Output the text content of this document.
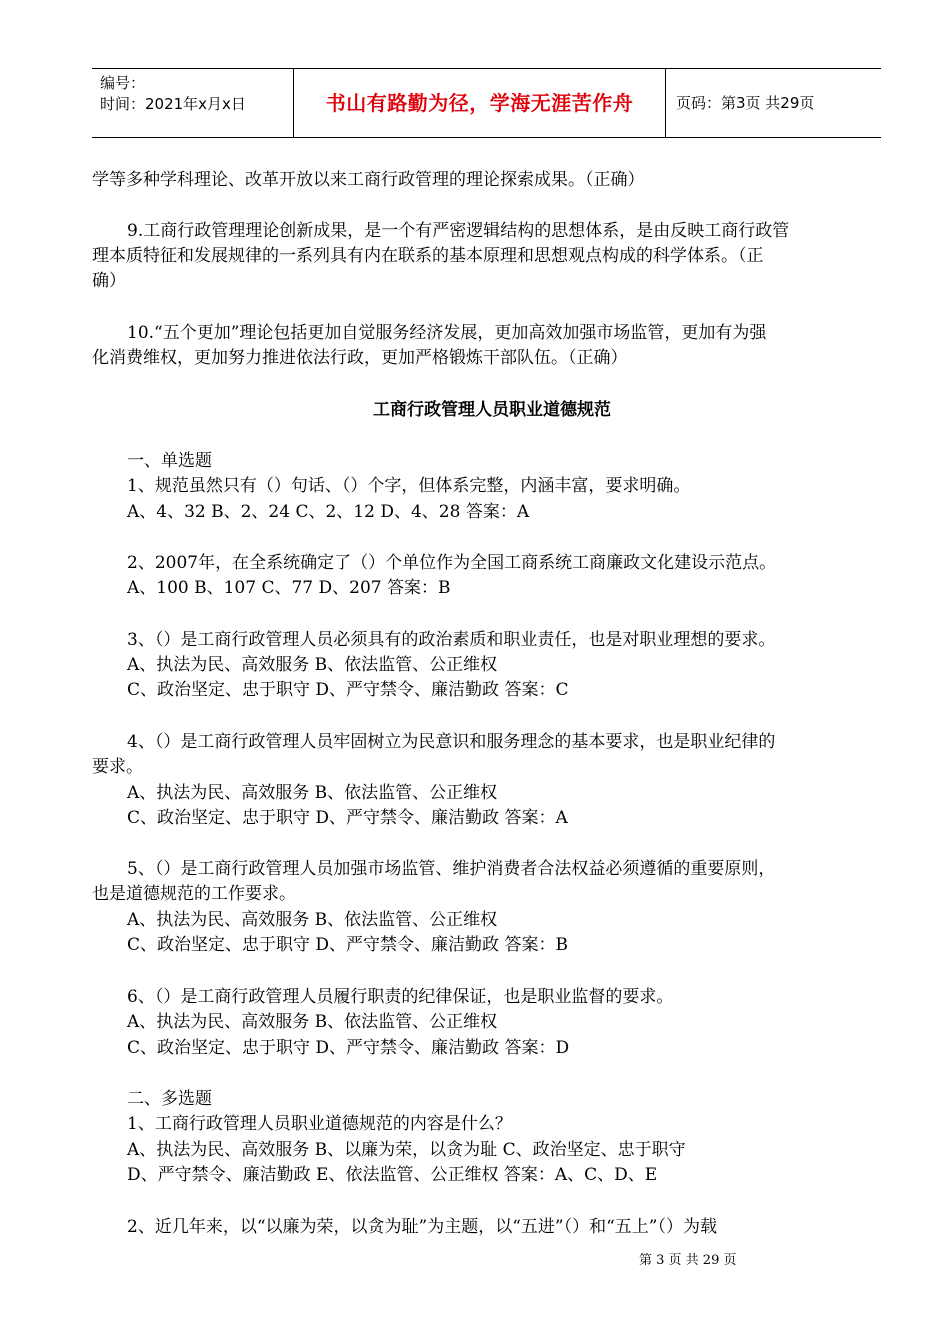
编号：
时间：2021年x月x日	书山有路勤为径，学海无涯苦作舟	页码：第3页 共29页
学等多种学科理论、改革开放以来工商行政管理的理论探索成果。（正确）
9.工商行政管理理论创新成果，是一个有严密逻辑结构的思想体系，是由反映工商行政管
理本质特征和发展规律的一系列具有内在联系的基本原理和思想观点构成的科学体系。（正
确）
10.“五个更加”理论包括更加自觉服务经济发展，更加高效加强市场监管，更加有为强
化消费维权，更加努力推进依法行政，更加严格锻炼干部队伍。（正确）
工商行政管理人员职业道德规范
一、单选题
1、规范虽然只有（）句话、（）个字，但体系完整，内涵丰富，要求明确。
A、4、32 B、2、24 C、2、12 D、4、28 答案：A
2、2007年，在全系统确定了（）个单位作为全国工商系统工商廉政文化建设示范点。
A、100 B、107 C、77 D、207 答案：B
3、（）是工商行政管理人员必须具有的政治素质和职业责任，也是对职业理想的要求。
A、执法为民、高效服务 B、依法监管、公正维权
C、政治坚定、忠于职守 D、严守禁令、廉洁勤政 答案：C
4、（）是工商行政管理人员牢固树立为民意识和服务理念的基本要求，也是职业纪律的
要求。
A、执法为民、高效服务 B、依法监管、公正维权
C、政治坚定、忠于职守 D、严守禁令、廉洁勤政 答案：A
5、（）是工商行政管理人员加强市场监管、维护消费者合法权益必须遵循的重要原则，
也是道德规范的工作要求。
A、执法为民、高效服务 B、依法监管、公正维权
C、政治坚定、忠于职守 D、严守禁令、廉洁勤政 答案：B
6、（）是工商行政管理人员履行职责的纪律保证，也是职业监督的要求。
A、执法为民、高效服务 B、依法监管、公正维权
C、政治坚定、忠于职守 D、严守禁令、廉洁勤政 答案：D
二、多选题
1、工商行政管理人员职业道德规范的内容是什么？
A、执法为民、高效服务 B、以廉为荣，以贪为耻 C、政治坚定、忠于职守
D、严守禁令、廉洁勤政 E、依法监管、公正维权 答案：A、C、D、E
2、近几年来，以“以廉为荣，以贪为耻”为主题，以“五进”（）和“五上”（）为载
第 3 页 共 29 页
